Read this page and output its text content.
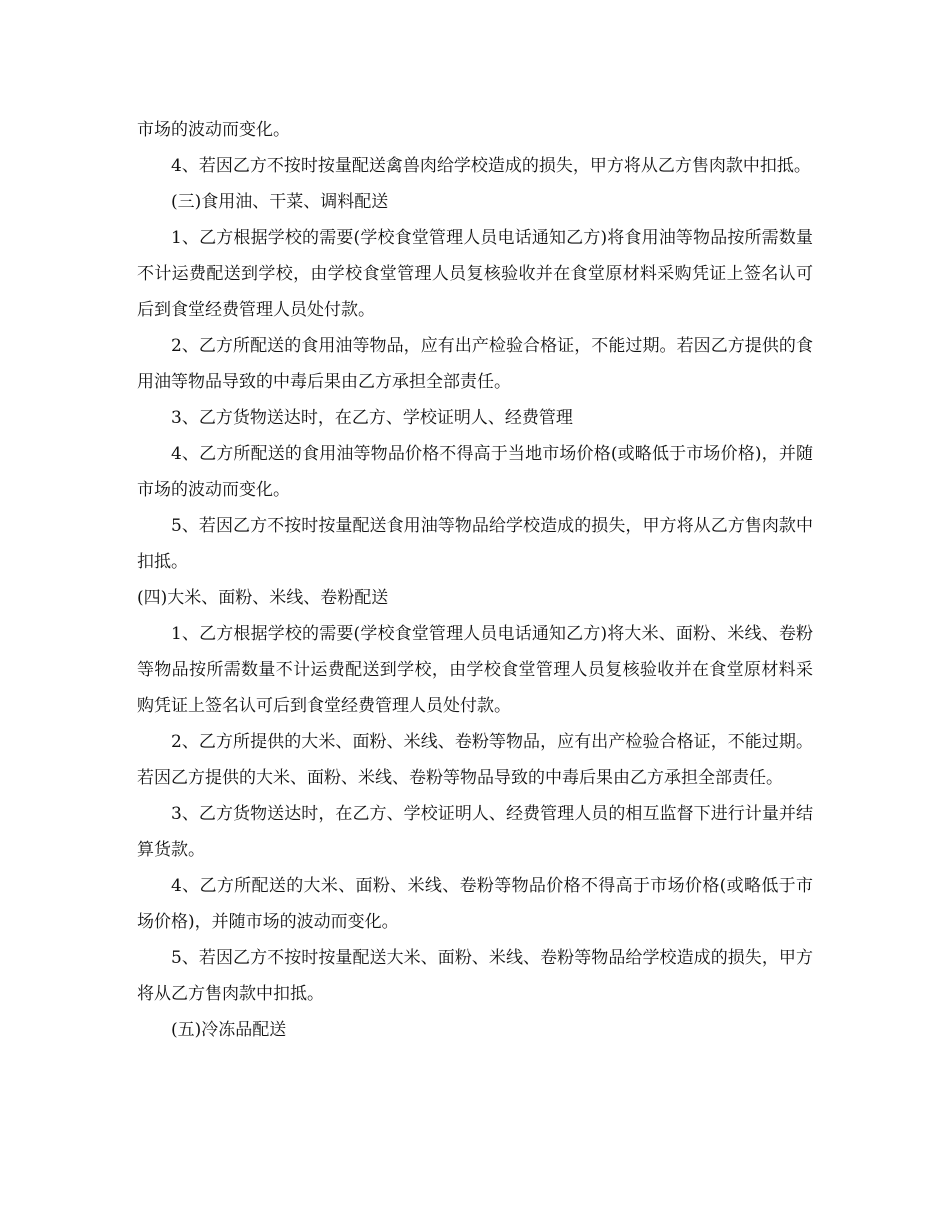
市场的波动而变化。

4、若因乙方不按时按量配送禽兽肉给学校造成的损失，甲方将从乙方售肉款中扣抵。

(三)食用油、干菜、调料配送

1、乙方根据学校的需要(学校食堂管理人员电话通知乙方)将食用油等物品按所需数量不计运费配送到学校，由学校食堂管理人员复核验收并在食堂原材料采购凭证上签名认可后到食堂经费管理人员处付款。

2、乙方所配送的食用油等物品，应有出产检验合格证，不能过期。若因乙方提供的食用油等物品导致的中毒后果由乙方承担全部责任。

3、乙方货物送达时，在乙方、学校证明人、经费管理

4、乙方所配送的食用油等物品价格不得高于当地市场价格(或略低于市场价格)，并随市场的波动而变化。

5、若因乙方不按时按量配送食用油等物品给学校造成的损失，甲方将从乙方售肉款中扣抵。

(四)大米、面粉、米线、卷粉配送

1、乙方根据学校的需要(学校食堂管理人员电话通知乙方)将大米、面粉、米线、卷粉等物品按所需数量不计运费配送到学校，由学校食堂管理人员复核验收并在食堂原材料采购凭证上签名认可后到食堂经费管理人员处付款。

2、乙方所提供的大米、面粉、米线、卷粉等物品，应有出产检验合格证，不能过期。若因乙方提供的大米、面粉、米线、卷粉等物品导致的中毒后果由乙方承担全部责任。

3、乙方货物送达时，在乙方、学校证明人、经费管理人员的相互监督下进行计量并结算货款。

4、乙方所配送的大米、面粉、米线、卷粉等物品价格不得高于市场价格(或略低于市场价格)，并随市场的波动而变化。

5、若因乙方不按时按量配送大米、面粉、米线、卷粉等物品给学校造成的损失，甲方将从乙方售肉款中扣抵。

(五)冷冻品配送
